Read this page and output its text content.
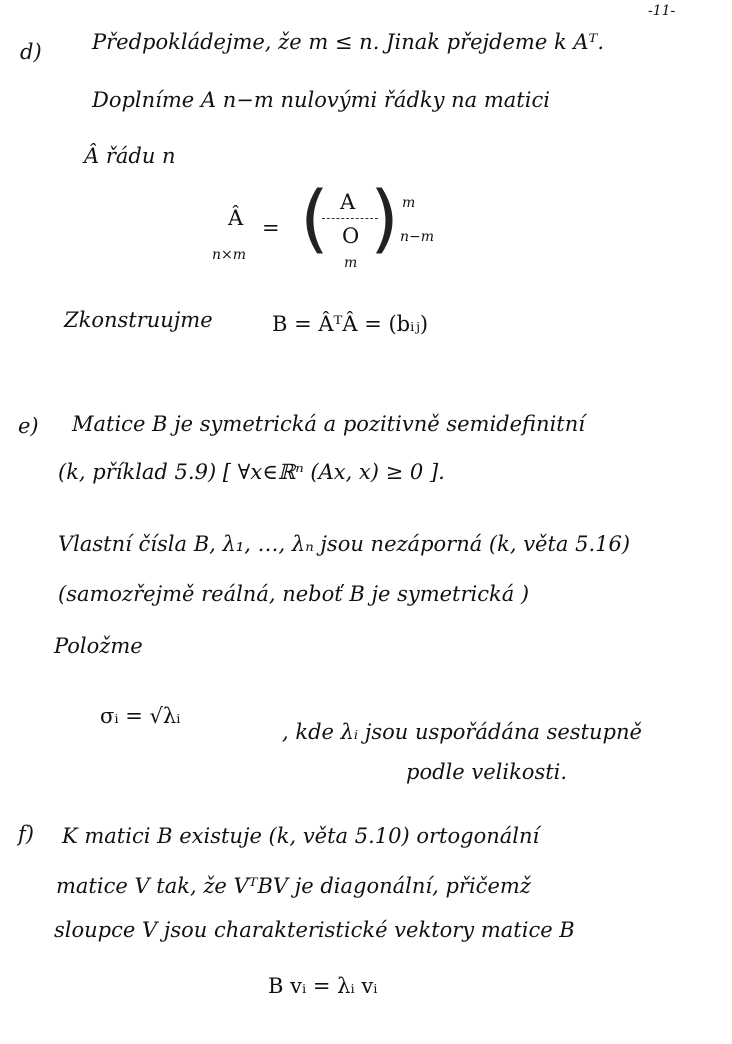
-11-
d) Předpokládejme, že m ≤ n. Jinak přejdeme k Aᵀ.
Doplníme A n−m nulovými řádky na matici
Â řádu n
Â
n×m
= ( A
O ) m
n−m
m
Zkonstruujme	B = ÂᵀÂ = (bᵢⱼ)
e) Matice B je symetrická a pozitivně semidefinitní
(k, příklad 5.9) [ ∀x∈ℝⁿ (Ax, x) ≥ 0 ].
Vlastní čísla B, λ₁, …, λₙ jsou nezáporná (k, věta 5.16)
(samozřejmě reálná, neboť B je symetrická )
Položme
σᵢ = √λᵢ
, kde λᵢ jsou uspořádána sestupně
podle velikosti.
f) K matici B existuje (k, věta 5.10) ortogonální
matice V tak, že VᵀBV je diagonální, přičemž
sloupce V jsou charakteristické vektory matice B
B vᵢ = λᵢ vᵢ
